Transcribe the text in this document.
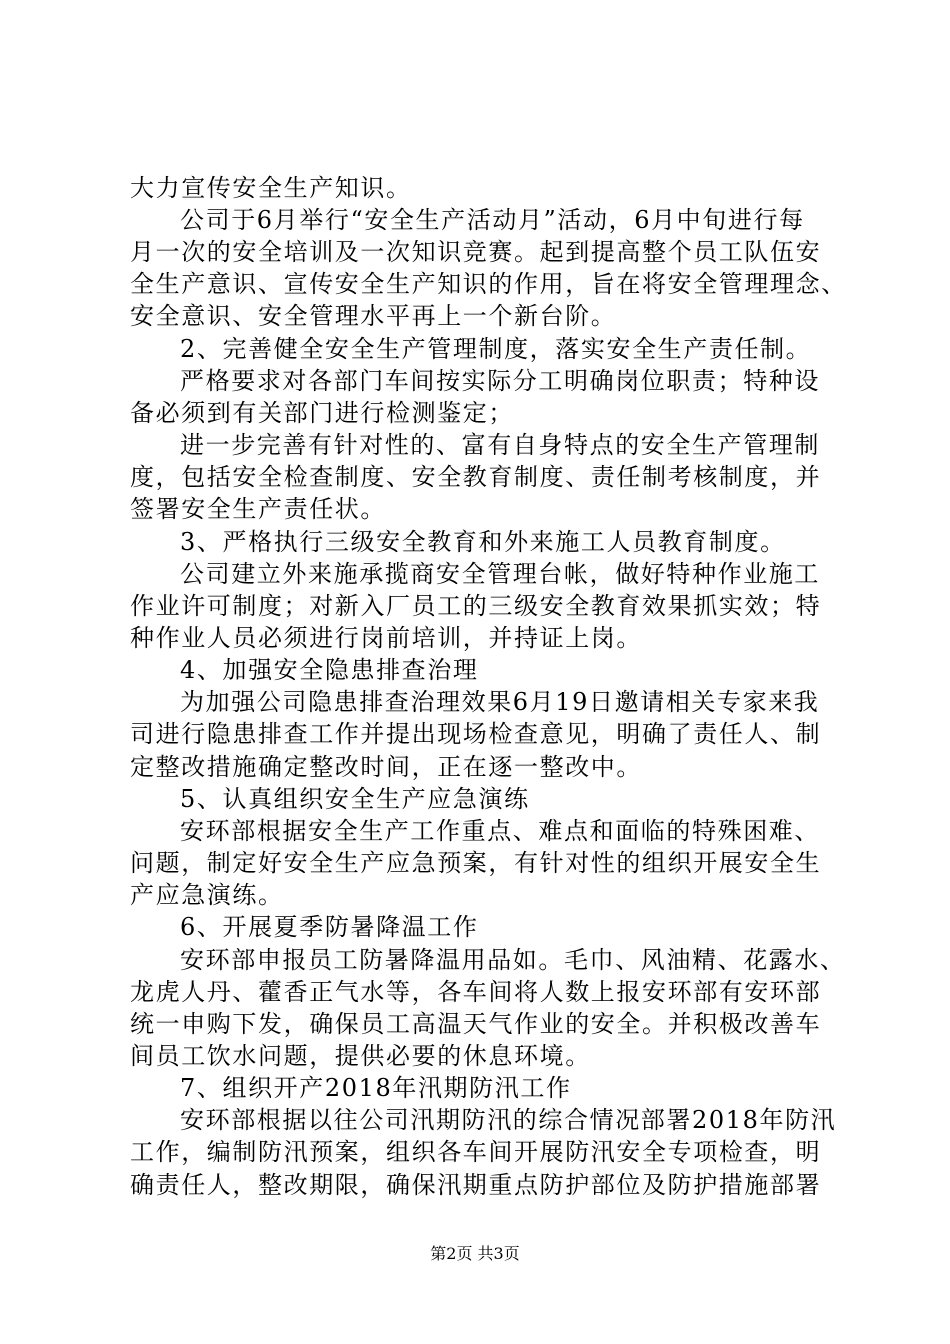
大力宣传安全生产知识。
公司于6月举行“安全生产活动月”活动，6月中旬进行每
月一次的安全培训及一次知识竞赛。起到提高整个员工队伍安
全生产意识、宣传安全生产知识的作用，旨在将安全管理理念、
安全意识、安全管理水平再上一个新台阶。
2、完善健全安全生产管理制度，落实安全生产责任制。
严格要求对各部门车间按实际分工明确岗位职责；特种设
备必须到有关部门进行检测鉴定；
进一步完善有针对性的、富有自身特点的安全生产管理制
度，包括安全检查制度、安全教育制度、责任制考核制度，并
签署安全生产责任状。
3、严格执行三级安全教育和外来施工人员教育制度。
公司建立外来施承揽商安全管理台帐，做好特种作业施工
作业许可制度；对新入厂员工的三级安全教育效果抓实效；特
种作业人员必须进行岗前培训，并持证上岗。
4、加强安全隐患排查治理
为加强公司隐患排查治理效果6月19日邀请相关专家来我
司进行隐患排查工作并提出现场检查意见，明确了责任人、制
定整改措施确定整改时间，正在逐一整改中。
5、认真组织安全生产应急演练
安环部根据安全生产工作重点、难点和面临的特殊困难、
问题，制定好安全生产应急预案，有针对性的组织开展安全生
产应急演练。
6、开展夏季防暑降温工作
安环部申报员工防暑降温用品如。毛巾、风油精、花露水、
龙虎人丹、藿香正气水等，各车间将人数上报安环部有安环部
统一申购下发，确保员工高温天气作业的安全。并积极改善车
间员工饮水问题，提供必要的休息环境。
7、组织开产2018年汛期防汛工作
安环部根据以往公司汛期防汛的综合情况部署2018年防汛
工作，编制防汛预案，组织各车间开展防汛安全专项检查，明
确责任人，整改期限，确保汛期重点防护部位及防护措施部署
第2页 共3页
